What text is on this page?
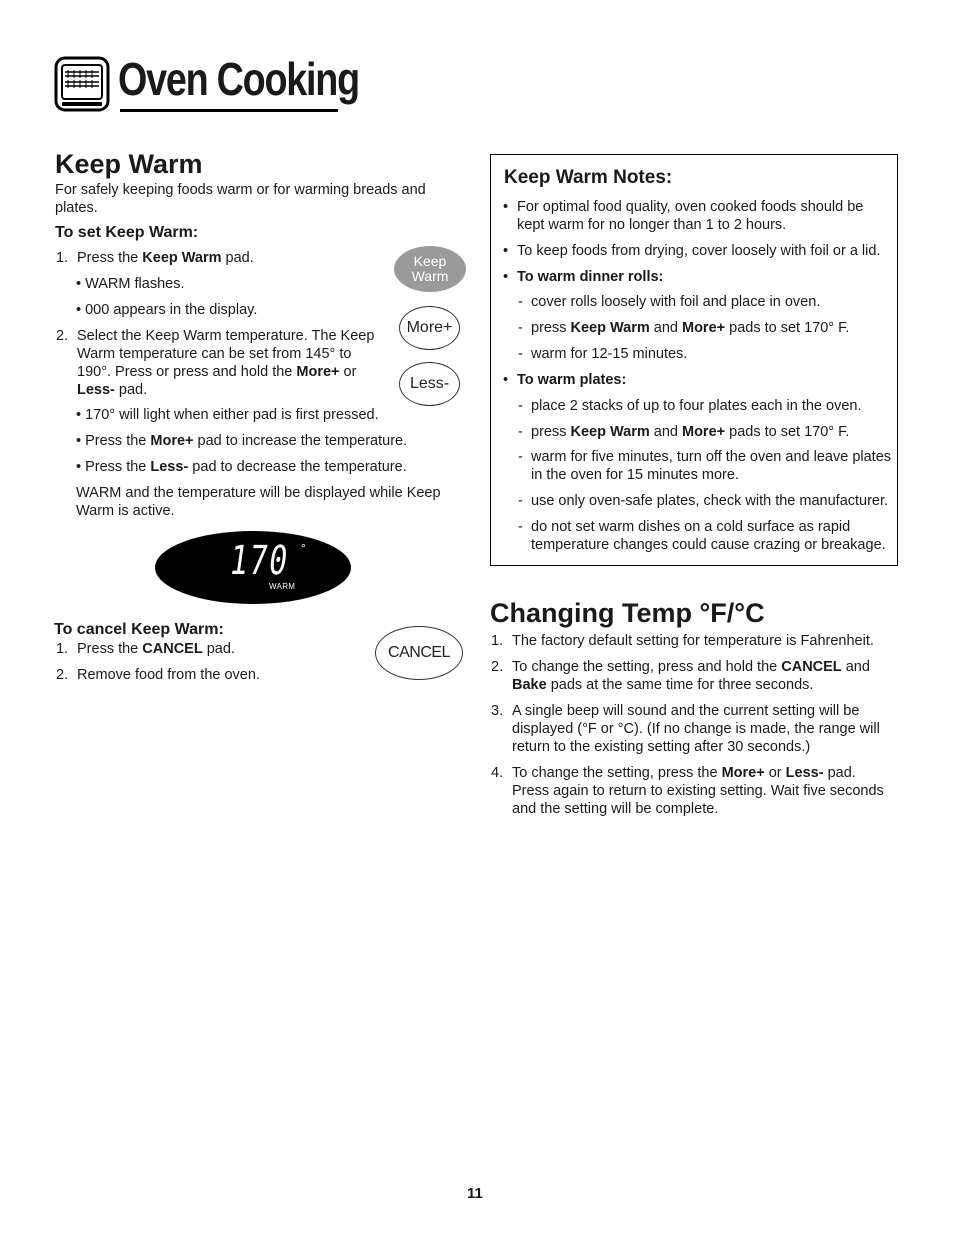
Oven Cooking
Keep Warm

For safely keeping foods warm or for warming breads and plates.

To set Keep Warm:
1. Press the Keep Warm pad.
• WARM flashes.
• 000 appears in the display.
2. Select the Keep Warm temperature. The Keep Warm temperature can be set from 145° to 190°. Press or press and hold the More+ or Less- pad.
• 170° will light when either pad is first pressed.
• Press the More+ pad to increase the temperature.
• Press the Less- pad to decrease the temperature.
WARM and the temperature will be displayed while Keep Warm is active.
Keep
Warm
More+
Less-
170 °
WARM
To cancel Keep Warm:
1. Press the CANCEL pad.
2. Remove food from the oven.
CANCEL
Keep Warm Notes:
• For optimal food quality, oven cooked foods should be kept warm for no longer than 1 to 2 hours.
• To keep foods from drying, cover loosely with foil or a lid.
• To warm dinner rolls:
- cover rolls loosely with foil and place in oven.
- press Keep Warm and More+ pads to set 170° F.
- warm for 12-15 minutes.
• To warm plates:
- place 2 stacks of up to four plates each in the oven.
- press Keep Warm and More+ pads to set 170° F.
- warm for five minutes, turn off the oven and leave plates in the oven for 15 minutes more.
- use only oven-safe plates, check with the manufacturer.
- do not set warm dishes on a cold surface as rapid temperature changes could cause crazing or breakage.
Changing Temp °F/°C
1. The factory default setting for temperature is Fahrenheit.
2. To change the setting, press and hold the CANCEL and Bake pads at the same time for three seconds.
3. A single beep will sound and the current setting will be displayed (°F or °C). (If no change is made, the range will return to the existing setting after 30 seconds.)
4. To change the setting, press the More+ or Less- pad. Press again to return to existing setting. Wait five seconds and the setting will be complete.
11
